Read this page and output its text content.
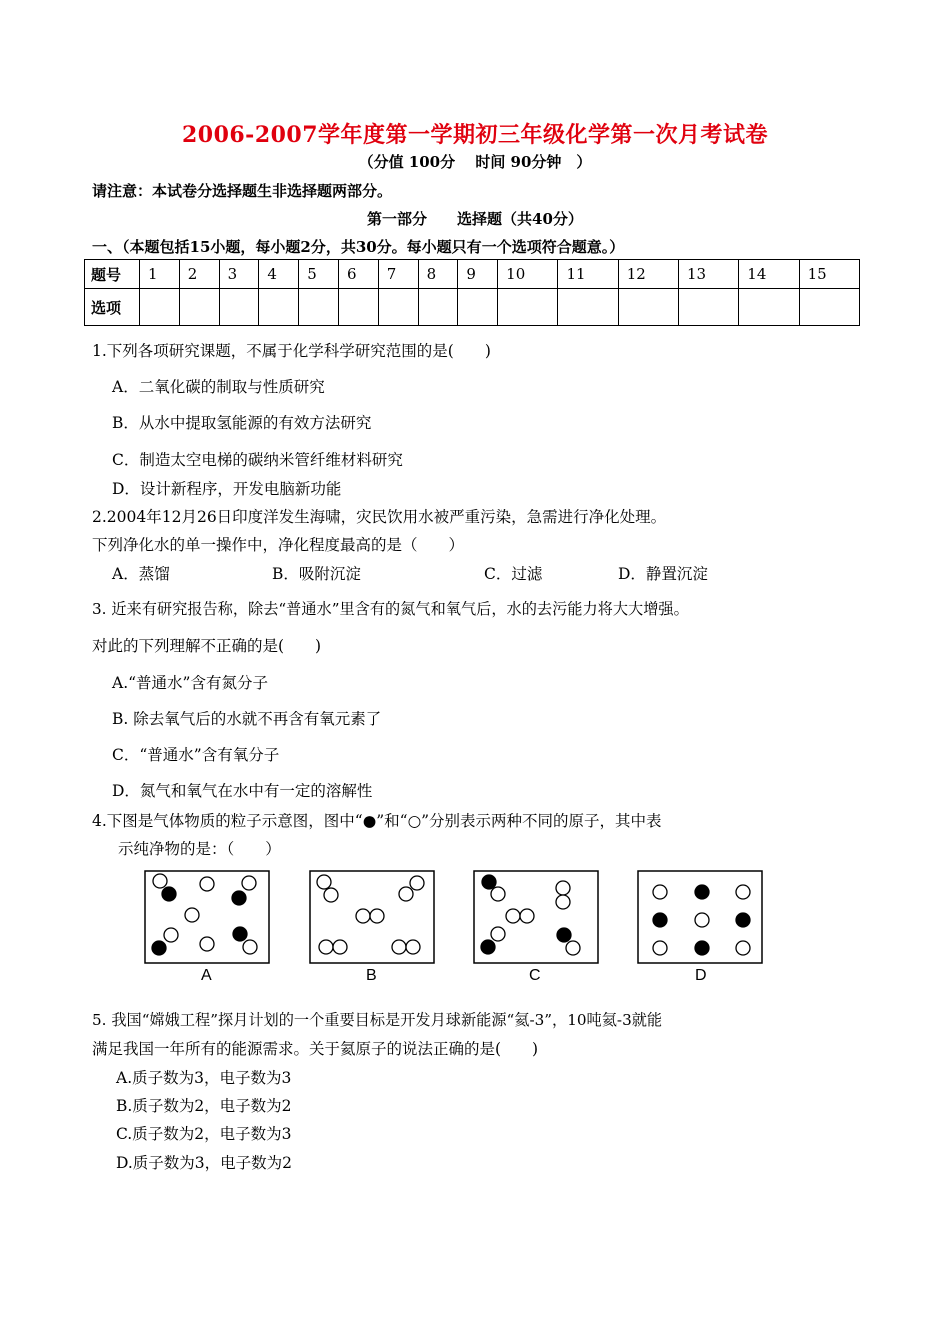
2006-2007学年度第一学期初三年级化学第一次月考试卷
（分值 100分　 时间 90分钟　）
请注意：本试卷分选择题生非选择题两部分。
第一部分　　选择题（共40分）
一、（本题包括15小题，每小题2分，共30分。每小题只有一个选项符合题意。）
题号	1	2	3	4	5	6	7	8	9	10	11	12	13	14	15
选项															
1.下列各项研究课题，不属于化学科学研究范围的是(　　)
A．二氧化碳的制取与性质研究
B．从水中提取氢能源的有效方法研究
C．制造太空电梯的碳纳米管纤维材料研究
D．设计新程序，开发电脑新功能
2.2004年12月26日印度洋发生海啸，灾民饮用水被严重污染，急需进行净化处理。
下列净化水的单一操作中，净化程度最高的是（　　）
A．蒸馏	B．吸附沉淀	C．过滤	D．静置沉淀
3. 近来有研究报告称，除去“普通水”里含有的氮气和氧气后，水的去污能力将大大增强。
对此的下列理解不正确的是(　　)
A.“普通水”含有氮分子
B. 除去氧气后的水就不再含有氧元素了
C．“普通水”含有氧分子
D．氮气和氧气在水中有一定的溶解性
4.下图是气体物质的粒子示意图，图中“●”和“○”分别表示两种不同的原子，其中表
示纯净物的是：（　　）
A	B	C	D
5. 我国“嫦娥工程”探月计划的一个重要目标是开发月球新能源“氦-3”，10吨氦-3就能
满足我国一年所有的能源需求。关于氦原子的说法正确的是(　　)
A.质子数为3，电子数为3
B.质子数为2，电子数为2
C.质子数为2，电子数为3
D.质子数为3，电子数为2
